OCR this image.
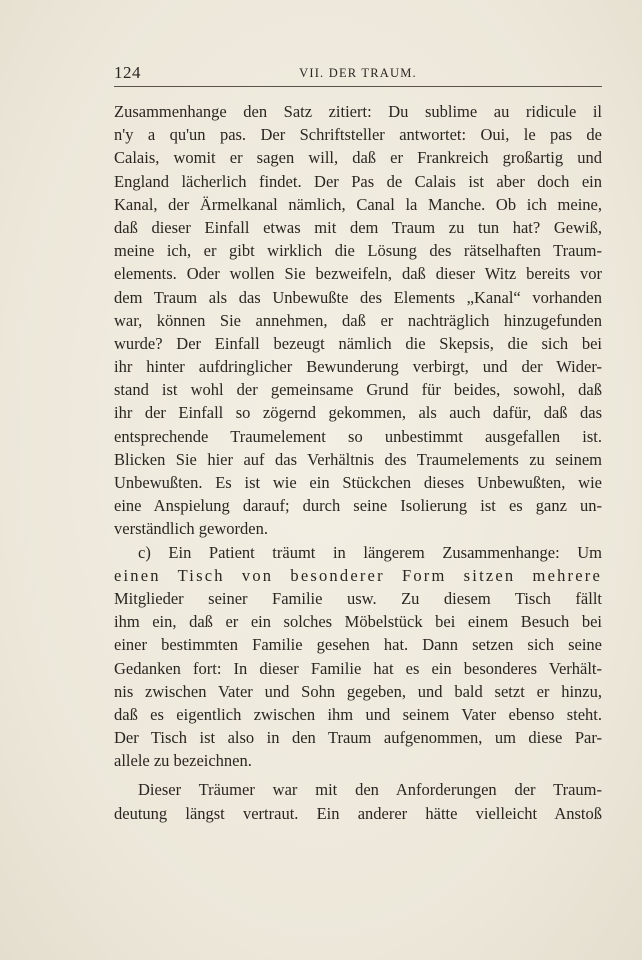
124	VII. DER TRAUM.
Zusammenhange den Satz zitiert: Du sublime au ridicule il
n'y a qu'un pas. Der Schriftsteller antwortet: Oui, le pas de
Calais, womit er sagen will, daß er Frankreich großartig und
England lächerlich findet. Der Pas de Calais ist aber doch ein
Kanal, der Ärmelkanal nämlich, Canal la Manche. Ob ich meine,
daß dieser Einfall etwas mit dem Traum zu tun hat? Gewiß,
meine ich, er gibt wirklich die Lösung des rätselhaften Traum-
elements. Oder wollen Sie bezweifeln, daß dieser Witz bereits vor
dem Traum als das Unbewußte des Elements „Kanal“ vorhanden
war, können Sie annehmen, daß er nachträglich hinzugefunden
wurde? Der Einfall bezeugt nämlich die Skepsis, die sich bei
ihr hinter aufdringlicher Bewunderung verbirgt, und der Wider-
stand ist wohl der gemeinsame Grund für beides, sowohl, daß
ihr der Einfall so zögernd gekommen, als auch dafür, daß das
entsprechende Traumelement so unbestimmt ausgefallen ist.
Blicken Sie hier auf das Verhältnis des Traumelements zu seinem
Unbewußten. Es ist wie ein Stückchen dieses Unbewußten, wie
eine Anspielung darauf; durch seine Isolierung ist es ganz un-
verständlich geworden.
c) Ein Patient träumt in längerem Zusammenhange: Um
einen Tisch von besonderer Form sitzen mehrere
Mitglieder seiner Familie usw. Zu diesem Tisch fällt
ihm ein, daß er ein solches Möbelstück bei einem Besuch bei
einer bestimmten Familie gesehen hat. Dann setzen sich seine
Gedanken fort: In dieser Familie hat es ein besonderes Verhält-
nis zwischen Vater und Sohn gegeben, und bald setzt er hinzu,
daß es eigentlich zwischen ihm und seinem Vater ebenso steht.
Der Tisch ist also in den Traum aufgenommen, um diese Par-
allele zu bezeichnen.
Dieser Träumer war mit den Anforderungen der Traum-
deutung längst vertraut. Ein anderer hätte vielleicht Anstoß
